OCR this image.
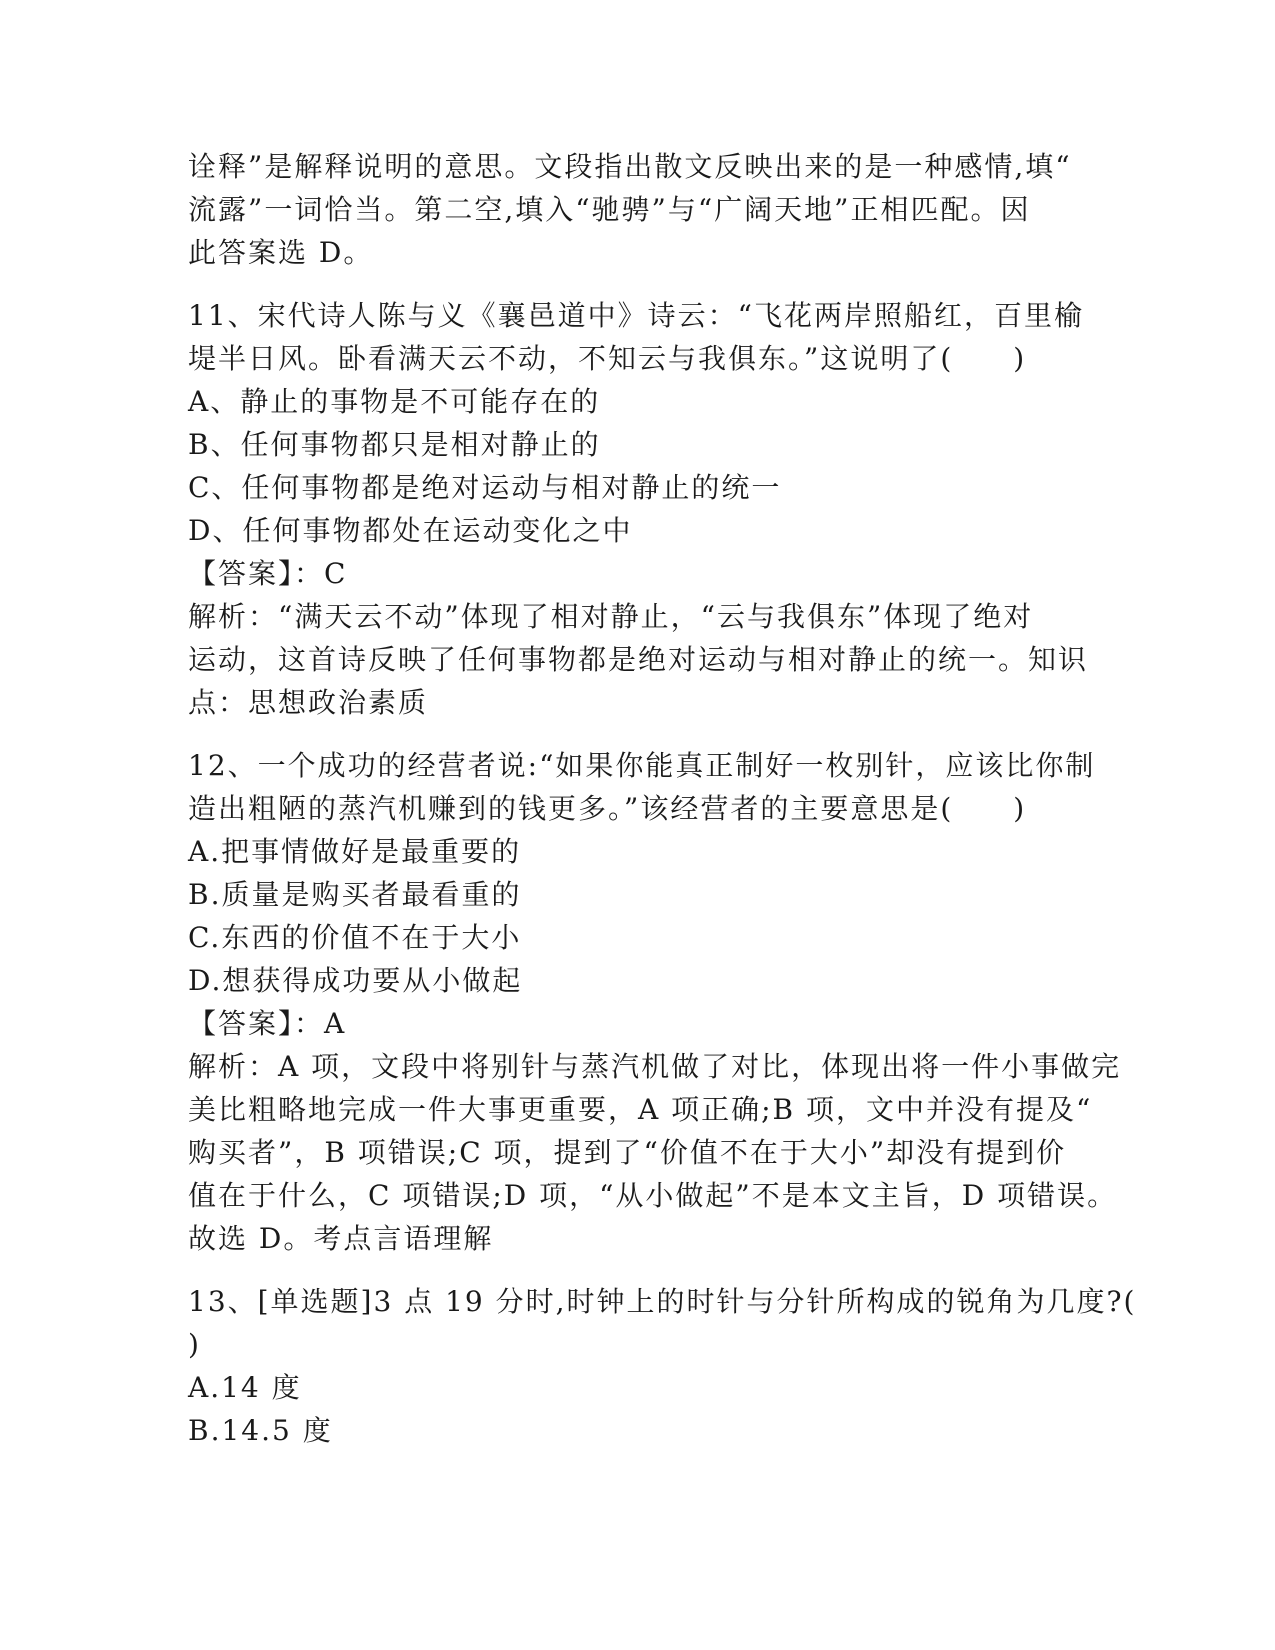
诠释”是解释说明的意思。文段指出散文反映出来的是一种感情,填“
流露”一词恰当。第二空,填入“驰骋”与“广阔天地”正相匹配。因
此答案选 D。
11、宋代诗人陈与义《襄邑道中》诗云：“飞花两岸照船红，百里榆
堤半日风。卧看满天云不动，不知云与我俱东。”这说明了(　　)
A、静止的事物是不可能存在的
B、任何事物都只是相对静止的
C、任何事物都是绝对运动与相对静止的统一
D、任何事物都处在运动变化之中
【答案】：C
解析：“满天云不动”体现了相对静止，“云与我俱东”体现了绝对
运动，这首诗反映了任何事物都是绝对运动与相对静止的统一。知识
点：思想政治素质
12、一个成功的经营者说:“如果你能真正制好一枚别针，应该比你制
造出粗陋的蒸汽机赚到的钱更多。”该经营者的主要意思是(　　)
A.把事情做好是最重要的
B.质量是购买者最看重的
C.东西的价值不在于大小
D.想获得成功要从小做起
【答案】：A
解析：A 项，文段中将别针与蒸汽机做了对比，体现出将一件小事做完
美比粗略地完成一件大事更重要，A 项正确;B 项，文中并没有提及“
购买者”，B 项错误;C 项，提到了“价值不在于大小”却没有提到价
值在于什么，C 项错误;D 项，“从小做起”不是本文主旨，D 项错误。
故选 D。考点言语理解
13、[单选题]3 点 19 分时,时钟上的时针与分针所构成的锐角为几度?(
)
A.14 度
B.14.5 度
